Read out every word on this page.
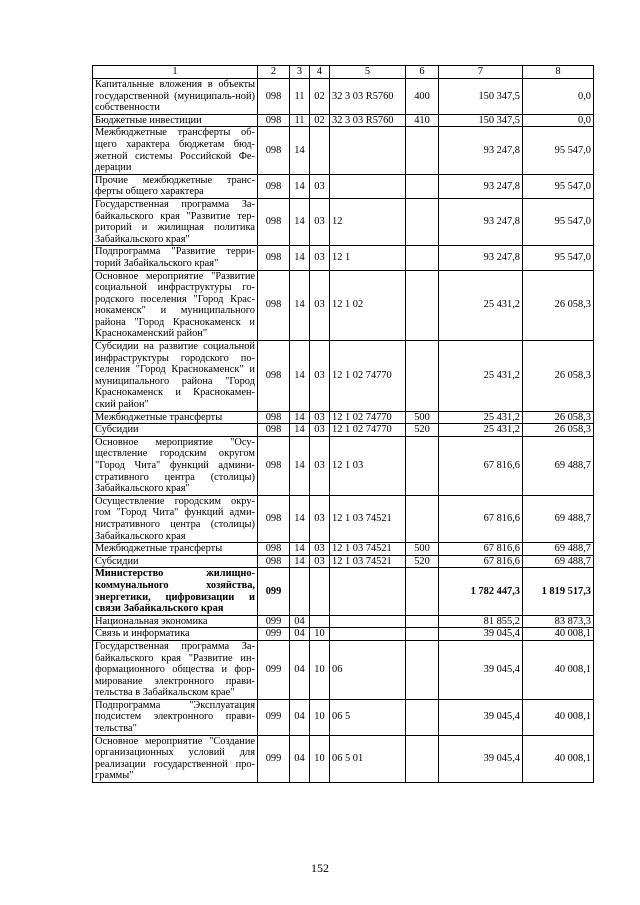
1	2	3	4	5	6	7	8
Капитальные вложения в объекты государственной (муниципаль-ной) собственности	098	11	02	32 3 03 R5760	400	150 347,5	0,0
Бюджетные инвестиции	098	11	02	32 3 03 R5760	410	150 347,5	0,0
Межбюджетные трансферты об-щего характера бюджетам бюд-жетной системы Российской Фе-дерации	098	14				93 247,8	95 547,0
Прочие межбюджетные транс-ферты общего характера	098	14	03			93 247,8	95 547,0
Государственная программа За-байкальского края "Развитие тер-риторий и жилищная политика Забайкальского края"	098	14	03	12		93 247,8	95 547,0
Подпрограмма "Развитие терри-торий Забайкальского края"	098	14	03	12 1		93 247,8	95 547,0
Основное мероприятие "Развитие социальной инфраструктуры го-родского поселения "Город Крас-нокаменск" и муниципального района "Город Краснокаменск и Краснокаменский район"	098	14	03	12 1 02		25 431,2	26 058,3
Субсидии на развитие социальной инфраструктуры городского по-селения "Город Краснокаменск" и муниципального района "Город Краснокаменск и Краснокамен-ский район"	098	14	03	12 1 02 74770		25 431,2	26 058,3
Межбюджетные трансферты	098	14	03	12 1 02 74770	500	25 431,2	26 058,3
Субсидии	098	14	03	12 1 02 74770	520	25 431,2	26 058,3
Основное мероприятие "Осу-ществление городским округом "Город Чита" функций админи-стративного центра (столицы) Забайкальского края"	098	14	03	12 1 03		67 816,6	69 488,7
Осуществление городским окру-гом "Город Чита" функций адми-нистративного центра (столицы) Забайкальского края	098	14	03	12 1 03 74521		67 816,6	69 488,7
Межбюджетные трансферты	098	14	03	12 1 03 74521	500	67 816,6	69 488,7
Субсидии	098	14	03	12 1 03 74521	520	67 816,6	69 488,7
Министерство жилищно-коммунального хозяйства, энергетики, цифровизации и связи Забайкальского края	099					1 782 447,3	1 819 517,3
Национальная экономика	099	04				81 855,2	83 873,3
Связь и информатика	099	04	10			39 045,4	40 008,1
Государственная программа За-байкальского края "Развитие ин-формационного общества и фор-мирование электронного прави-тельства в Забайкальском крае"	099	04	10	06		39 045,4	40 008,1
Подпрограмма "Эксплуатация подсистем электронного прави-тельства"	099	04	10	06 5		39 045,4	40 008,1
Основное мероприятие "Создание организационных условий для реализации государственной про-граммы"	099	04	10	06 5 01		39 045,4	40 008,1
152
